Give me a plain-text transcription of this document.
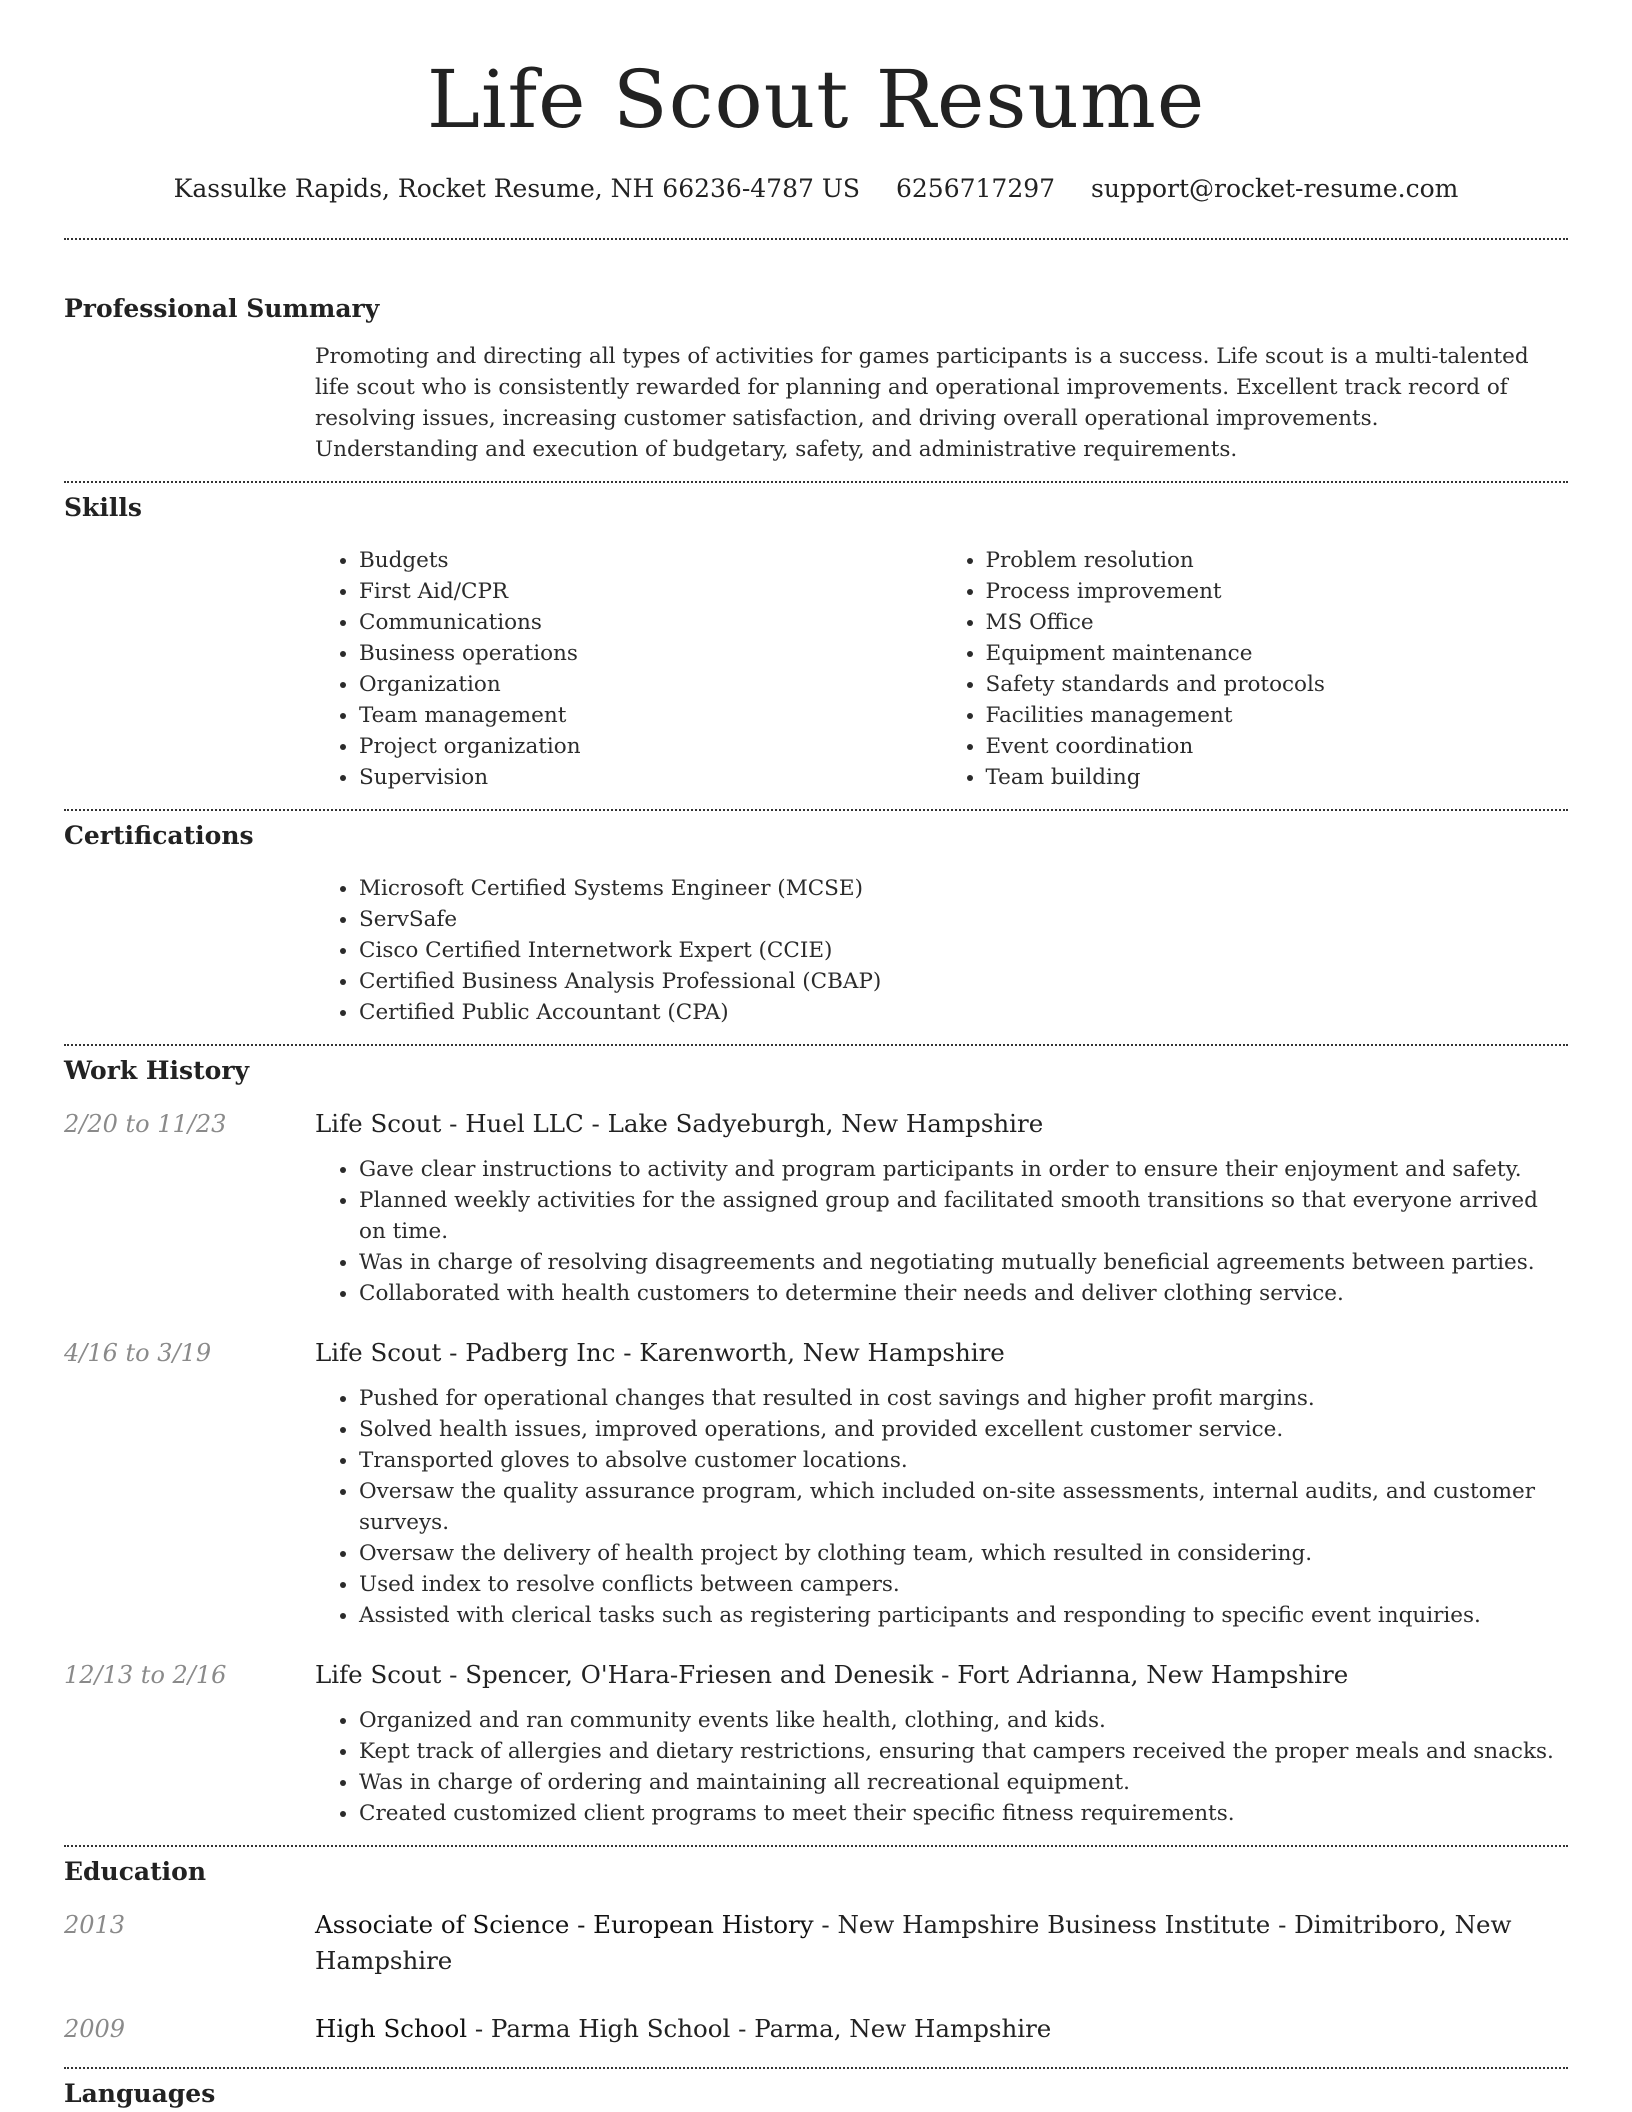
Life Scout Resume
Kassulke Rapids, Rocket Resume, NH 66236-4787 US 6256717297 support@rocket-resume.com
Professional Summary
Promoting and directing all types of activities for games participants is a success. Life scout is a multi-talented life scout who is consistently rewarded for planning and operational improvements. Excellent track record of resolving issues, increasing customer satisfaction, and driving overall operational improvements. Understanding and execution of budgetary, safety, and administrative requirements.
Skills
• Budgets
• First Aid/CPR
• Communications
• Business operations
• Organization
• Team management
• Project organization
• Supervision
• Problem resolution
• Process improvement
• MS Office
• Equipment maintenance
• Safety standards and protocols
• Facilities management
• Event coordination
• Team building
Certifications
• Microsoft Certified Systems Engineer (MCSE)
• ServSafe
• Cisco Certified Internetwork Expert (CCIE)
• Certified Business Analysis Professional (CBAP)
• Certified Public Accountant (CPA)
Work History
2/20 to 11/23	Life Scout - Huel LLC - Lake Sadyeburgh, New Hampshire
• Gave clear instructions to activity and program participants in order to ensure their enjoyment and safety.
• Planned weekly activities for the assigned group and facilitated smooth transitions so that everyone arrived on time.
• Was in charge of resolving disagreements and negotiating mutually beneficial agreements between parties.
• Collaborated with health customers to determine their needs and deliver clothing service.
4/16 to 3/19	Life Scout - Padberg Inc - Karenworth, New Hampshire
• Pushed for operational changes that resulted in cost savings and higher profit margins.
• Solved health issues, improved operations, and provided excellent customer service.
• Transported gloves to absolve customer locations.
• Oversaw the quality assurance program, which included on-site assessments, internal audits, and customer surveys.
• Oversaw the delivery of health project by clothing team, which resulted in considering.
• Used index to resolve conflicts between campers.
• Assisted with clerical tasks such as registering participants and responding to specific event inquiries.
12/13 to 2/16	Life Scout - Spencer, O'Hara-Friesen and Denesik - Fort Adrianna, New Hampshire
• Organized and ran community events like health, clothing, and kids.
• Kept track of allergies and dietary restrictions, ensuring that campers received the proper meals and snacks.
• Was in charge of ordering and maintaining all recreational equipment.
• Created customized client programs to meet their specific fitness requirements.
Education
2013	Associate of Science - European History - New Hampshire Business Institute - Dimitriboro, New Hampshire
2009	High School - Parma High School - Parma, New Hampshire
Languages
